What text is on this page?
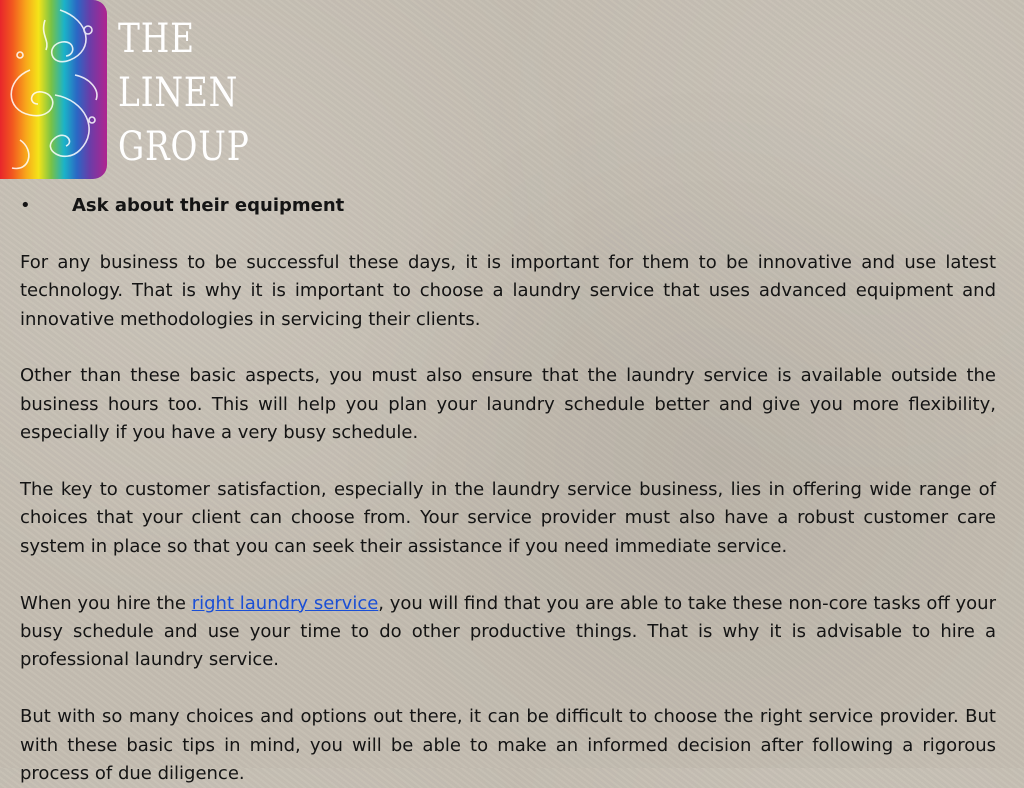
THE
LINEN
GROUP
•	Ask about their equipment

For any business to be successful these days, it is important for them to be innovative and use latest technology. That is why it is important to choose a laundry service that uses advanced equipment and innovative methodologies in servicing their clients.

Other than these basic aspects, you must also ensure that the laundry service is available outside the business hours too. This will help you plan your laundry schedule better and give you more flexibility, especially if you have a very busy schedule.

The key to customer satisfaction, especially in the laundry service business, lies in offering wide range of choices that your client can choose from. Your service provider must also have a robust customer care system in place so that you can seek their assistance if you need immediate service.

When you hire the right laundry service, you will find that you are able to take these non-core tasks off your busy schedule and use your time to do other productive things. That is why it is advisable to hire a professional laundry service.

But with so many choices and options out there, it can be difficult to choose the right service provider. But with these basic tips in mind, you will be able to make an informed decision after following a rigorous process of due diligence.
